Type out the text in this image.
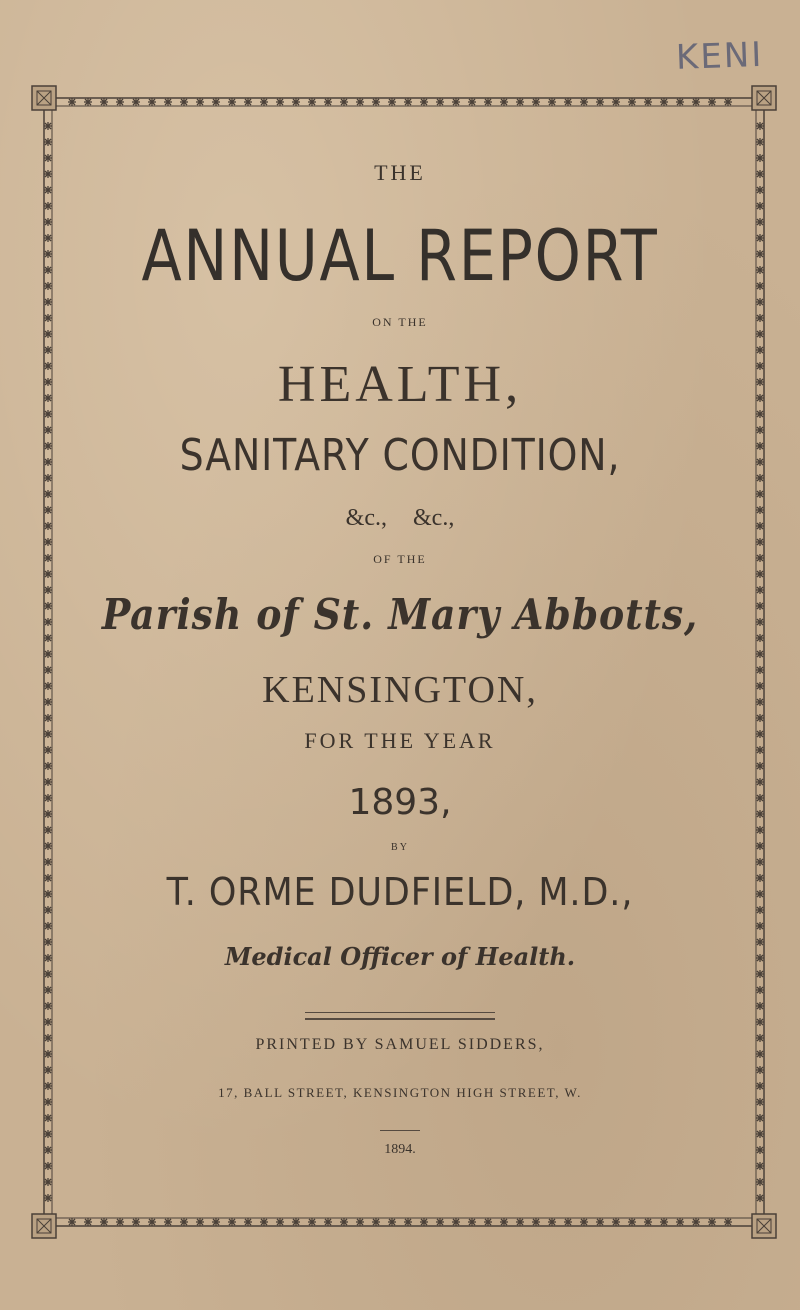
KENI
THE
ANNUAL REPORT
ON THE
HEALTH,
SANITARY CONDITION,
&c., &c.,
OF THE
Parish of St. Mary Abbotts,
KENSINGTON,
FOR THE YEAR
1893,
BY
T. ORME DUDFIELD, M.D.,
Medical Officer of Health.
PRINTED BY SAMUEL SIDDERS,
17, BALL STREET, KENSINGTON HIGH STREET, W.
1894.
